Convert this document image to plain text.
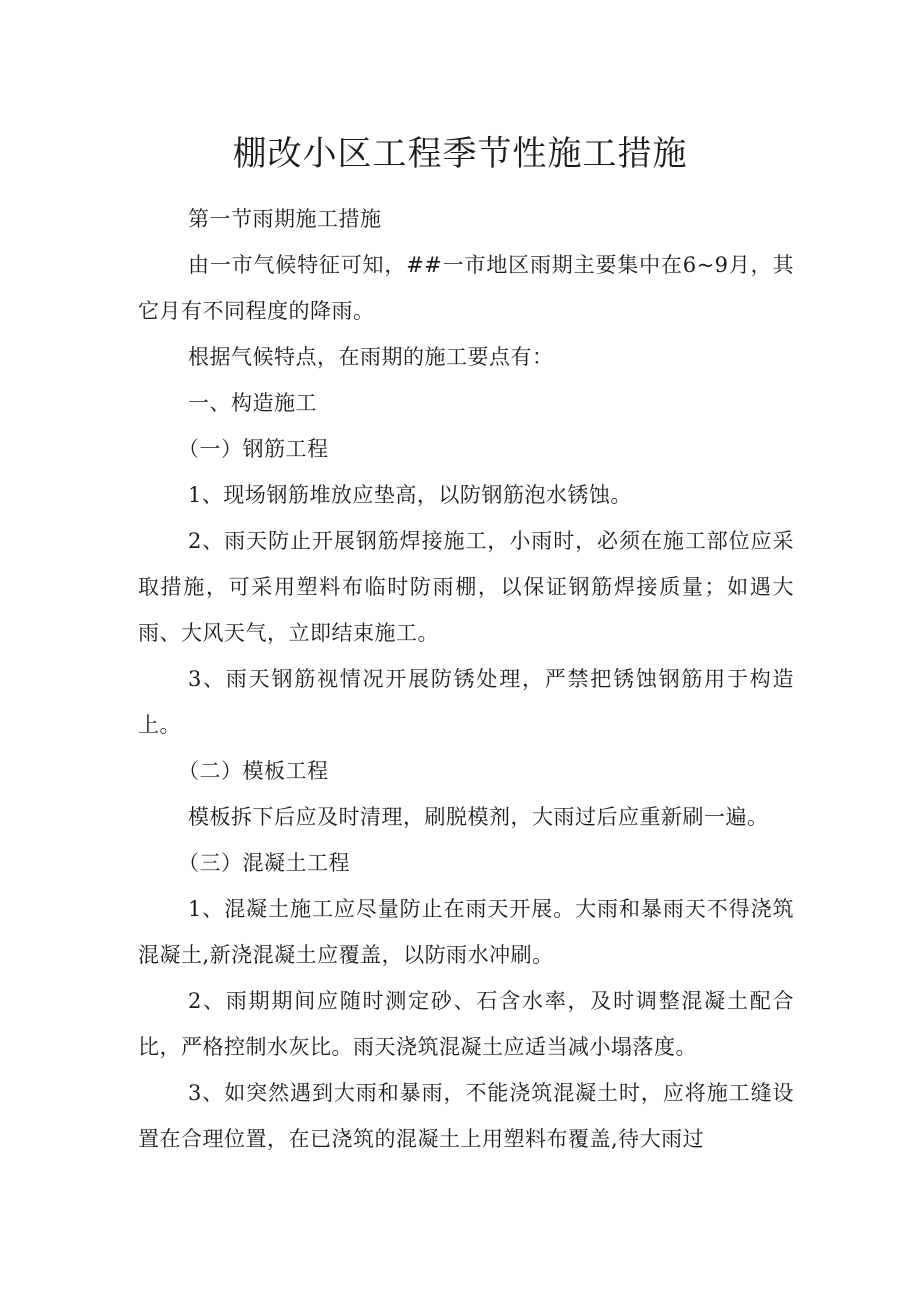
棚改小区工程季节性施工措施

第一节雨期施工措施

由一市气候特征可知，##一市地区雨期主要集中在6~9月，其它月有不同程度的降雨。

根据气候特点，在雨期的施工要点有：

一、构造施工

（一）钢筋工程

1、现场钢筋堆放应垫高，以防钢筋泡水锈蚀。

2、雨天防止开展钢筋焊接施工，小雨时，必须在施工部位应采取措施，可采用塑料布临时防雨棚，以保证钢筋焊接质量；如遇大雨、大风天气，立即结束施工。

3、雨天钢筋视情况开展防锈处理，严禁把锈蚀钢筋用于构造上。

（二）模板工程

模板拆下后应及时清理，刷脱模剂，大雨过后应重新刷一遍。

（三）混凝土工程

1、混凝土施工应尽量防止在雨天开展。大雨和暴雨天不得浇筑混凝土,新浇混凝土应覆盖，以防雨水冲刷。

2、雨期期间应随时测定砂、石含水率，及时调整混凝土配合比，严格控制水灰比。雨天浇筑混凝土应适当减小塌落度。

3、如突然遇到大雨和暴雨，不能浇筑混凝土时，应将施工缝设置在合理位置，在已浇筑的混凝土上用塑料布覆盖,待大雨过
